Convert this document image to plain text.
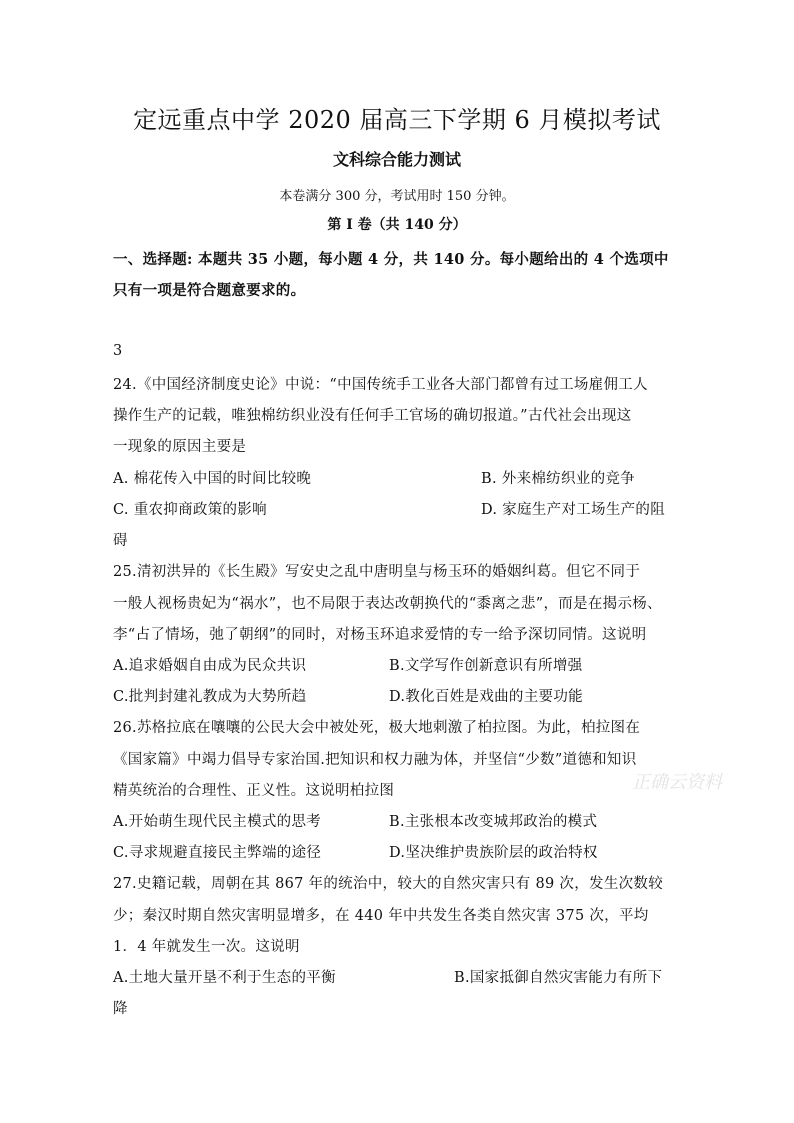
定远重点中学 2020 届高三下学期 6 月模拟考试
文科综合能力测试
本卷满分 300 分，考试用时 150 分钟。
第 I 卷（共 140 分）
一、选择题: 本题共 35 小题，每小题 4 分，共 140 分。每小题给出的 4 个选项中
只有一项是符合题意要求的。
3
24.《中国经济制度史论》中说：“中国传统手工业各大部门都曾有过工场雇佣工人
操作生产的记载，唯独棉纺织业没有任何手工官场的确切报道。”古代社会出现这
一现象的原因主要是
A. 棉花传入中国的时间比较晚	B. 外来棉纺织业的竞争
C. 重农抑商政策的影响	D. 家庭生产对工场生产的阻
碍
25.清初洪异的《长生殿》写安史之乱中唐明皇与杨玉环的婚姻纠葛。但它不同于
一般人视杨贵妃为“祸水”，也不局限于表达改朝换代的“黍离之悲”，而是在揭示杨、
李“占了情场，弛了朝纲”的同时，对杨玉环追求爱情的专一给予深切同情。这说明
A.追求婚姻自由成为民众共识	B.文学写作创新意识有所增强
C.批判封建礼教成为大势所趋	D.教化百姓是戏曲的主要功能
26.苏格拉底在嚷嚷的公民大会中被处死，极大地刺激了柏拉图。为此，柏拉图在
《国家篇》中竭力倡导专家治国.把知识和权力融为体，并坚信“少数”道德和知识
精英统治的合理性、正义性。这说明柏拉图
A.开始萌生现代民主模式的思考	B.主张根本改变城邦政治的模式
C.寻求规避直接民主弊端的途径	D.坚决维护贵族阶层的政治特权
27.史籍记载，周朝在其 867 年的统治中，较大的自然灾害只有 89 次，发生次数较
少；秦汉时期自然灾害明显增多，在 440 年中共发生各类自然灾害 375 次，平均
1．4 年就发生一次。这说明
A.土地大量开垦不利于生态的平衡	B.国家抵御自然灾害能力有所下
降
正确云资料
